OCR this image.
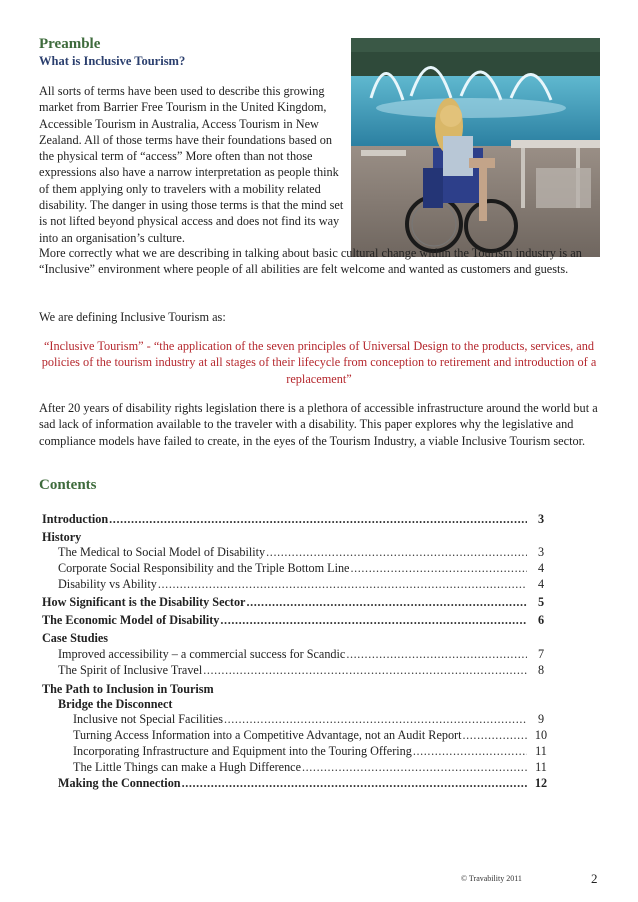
Preamble
What is Inclusive Tourism?

All sorts of terms have been used to describe this growing market from Barrier Free Tourism in the United Kingdom, Accessible Tourism in Australia, Access Tourism in New Zealand. All of those terms have their foundations based on the physical term of “access” More often than not those expressions also have a narrow interpretation as people think of them applying only to travelers with a mobility related disability. The danger in using those terms is that the mind set is not lifted beyond physical access and does not find its way into an organisation’s culture.

More correctly what we are describing in talking about basic cultural change within the Tourism industry is an “Inclusive” environment where people of all abilities are felt welcome and wanted as customers and guests.

We are defining Inclusive Tourism as:

“Inclusive Tourism” - “the application of the seven principles of Universal Design to the products, services, and policies of the tourism industry at all stages of their lifecycle from conception to retirement and introduction of a replacement”

After 20 years of disability rights legislation there is a plethora of accessible infrastructure around the world but a sad lack of information available to the traveler with a disability. This paper explores why the legislative and compliance models have failed to create, in the eyes of the Tourism Industry, a viable Inclusive Tourism sector.

Contents
Introduction .....	3
History
The Medical to Social Model of Disability .....	3
Corporate Social Responsibility and the Triple Bottom Line .....	4
Disability vs Ability .....	4
How Significant is the Disability Sector .....	5
The Economic Model of Disability .....	6
Case Studies
Improved accessibility – a commercial success for Scandic .....	7
The Spirit of Inclusive Travel .....	8
The Path to Inclusion in Tourism
Bridge the Disconnect
Inclusive not Special Facilities .....	9
Turning Access Information into a Competitive Advantage, not an Audit Report .....	10
Incorporating Infrastructure and Equipment into the Touring Offering .....	11
The Little Things can make a Hugh Difference .....	11
Making the Connection .....	12
© Travability 2011	2
